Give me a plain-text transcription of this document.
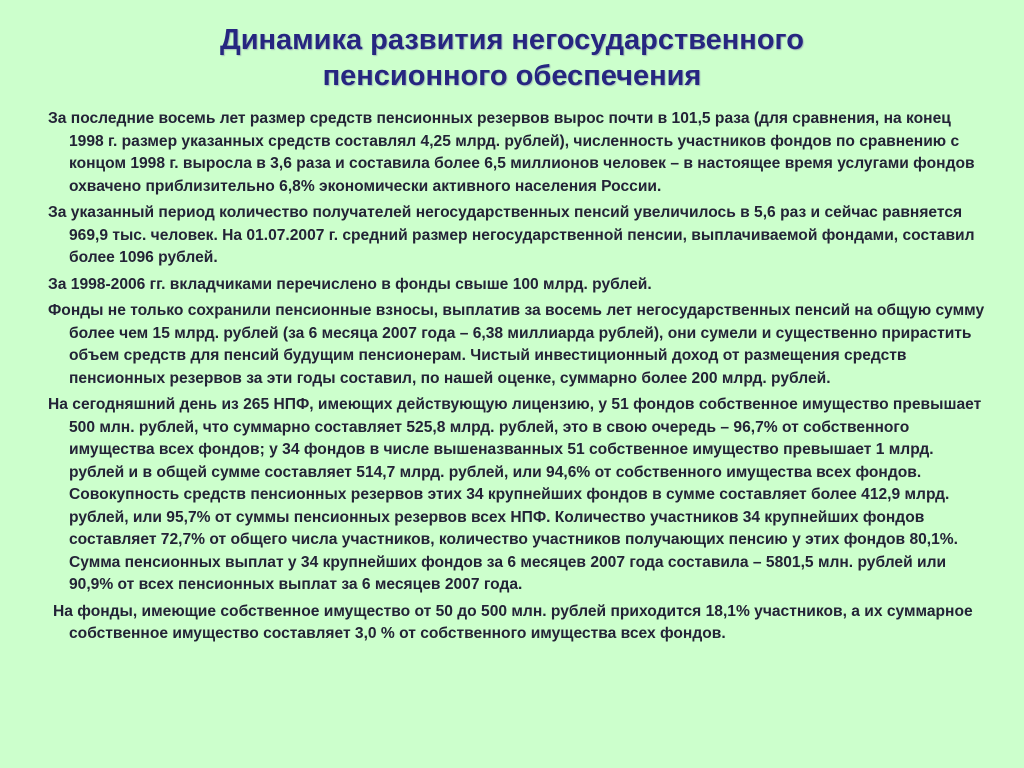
Динамика развития негосударственного
пенсионного обеспечения

За последние восемь лет размер средств пенсионных резервов вырос почти в 101,5 раза (для сравнения, на конец 1998 г. размер указанных средств составлял 4,25 млрд. рублей), численность участников фондов по сравнению с концом 1998 г. выросла в 3,6 раза и составила более 6,5 миллионов человек – в настоящее время услугами фондов охвачено приблизительно 6,8% экономически активного населения России.

За указанный период количество получателей негосударственных пенсий увеличилось в 5,6 раз и сейчас равняется 969,9 тыс. человек. На 01.07.2007 г. средний размер негосударственной пенсии, выплачиваемой фондами, составил более 1096 рублей.

За 1998-2006 гг. вкладчиками перечислено в фонды свыше 100 млрд. рублей.

Фонды не только сохранили пенсионные взносы, выплатив за восемь лет негосударственных пенсий на общую сумму более чем 15 млрд. рублей (за 6 месяца 2007 года – 6,38 миллиарда рублей), они сумели и существенно прирастить объем средств для пенсий будущим пенсионерам. Чистый инвестиционный доход от размещения средств пенсионных резервов за эти годы составил, по нашей оценке, суммарно более 200 млрд. рублей.

На сегодняшний день из 265 НПФ, имеющих действующую лицензию, у 51 фондов собственное имущество превышает 500 млн. рублей, что суммарно составляет 525,8 млрд. рублей, это в свою очередь – 96,7% от собственного имущества всех фондов; у 34 фондов в числе вышеназванных 51 собственное имущество превышает 1 млрд. рублей и в общей сумме составляет 514,7 млрд. рублей, или 94,6% от собственного имущества всех фондов. Совокупность средств пенсионных резервов этих 34 крупнейших фондов в сумме составляет более 412,9 млрд. рублей, или 95,7% от суммы пенсионных резервов всех НПФ. Количество участников 34 крупнейших фондов составляет 72,7% от общего числа участников, количество участников получающих пенсию у этих фондов 80,1%. Сумма пенсионных выплат у 34 крупнейших фондов за 6 месяцев 2007 года составила – 5801,5 млн. рублей или 90,9% от всех пенсионных выплат за 6 месяцев 2007 года.

На фонды, имеющие собственное имущество от 50 до 500 млн. рублей приходится 18,1% участников, а их суммарное собственное имущество составляет 3,0 % от собственного имущества всех фондов.
